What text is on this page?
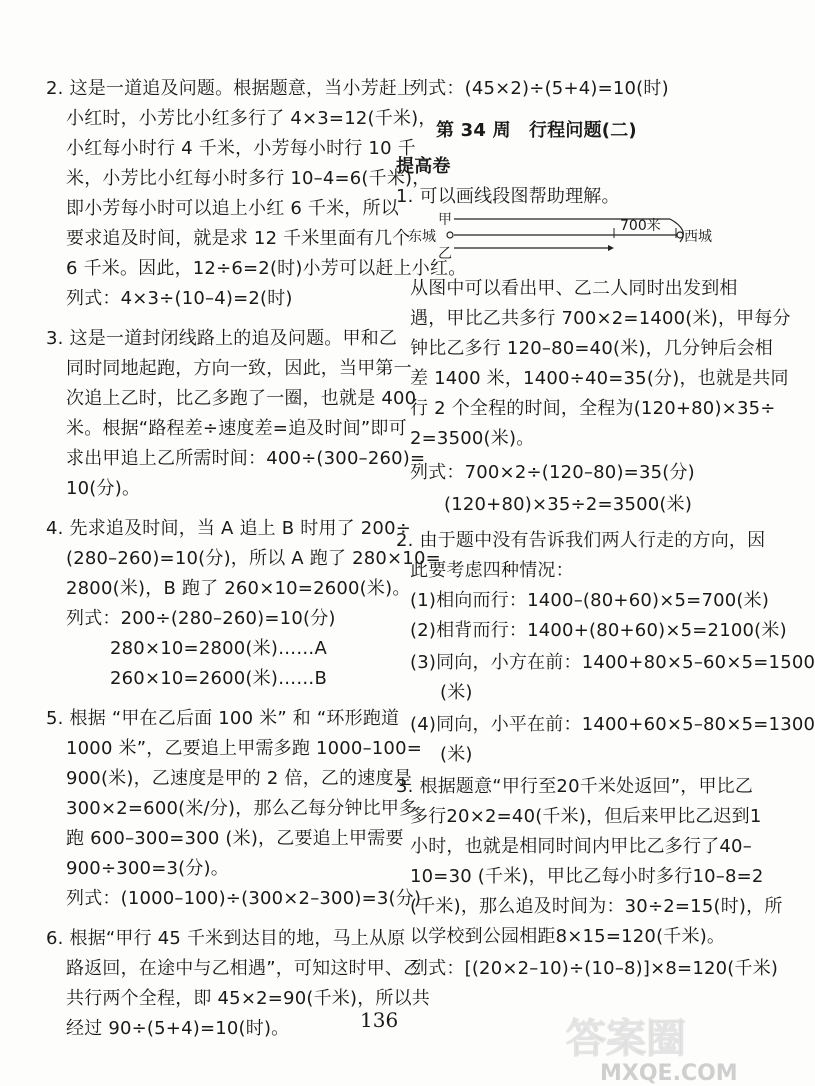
2. 这是一道追及问题。根据题意，当小芳赶上
小红时，小芳比小红多行了 4×3=12(千米)，
小红每小时行 4 千米，小芳每小时行 10 千
米，小芳比小红每小时多行 10–4=6(千米)，
即小芳每小时可以追上小红 6 千米，所以
要求追及时间，就是求 12 千米里面有几个
6 千米。因此，12÷6=2(时)小芳可以赶上小红。
列式：4×3÷(10–4)=2(时)
3. 这是一道封闭线路上的追及问题。甲和乙
同时同地起跑，方向一致，因此，当甲第一
次追上乙时，比乙多跑了一圈，也就是 400
米。根据“路程差÷速度差=追及时间”即可
求出甲追上乙所需时间：400÷(300–260)=
10(分)。
4. 先求追及时间，当 A 追上 B 时用了 200÷
(280–260)=10(分)，所以 A 跑了 280×10=
2800(米)，B 跑了 260×10=2600(米)。
列式：200÷(280–260)=10(分)
280×10=2800(米)……A
260×10=2600(米)……B
5. 根据 “甲在乙后面 100 米” 和 “环形跑道
1000 米”，乙要追上甲需多跑 1000–100=
900(米)，乙速度是甲的 2 倍，乙的速度是
300×2=600(米/分)，那么乙每分钟比甲多
跑 600–300=300 (米)，乙要追上甲需要
900÷300=3(分)。
列式：(1000–100)÷(300×2–300)=3(分)
6. 根据“甲行 45 千米到达目的地，马上从原
路返回，在途中与乙相遇”，可知这时甲、乙
共行两个全程，即 45×2=90(千米)，所以共
经过 90÷(5+4)=10(时)。
列式：(45×2)÷(5+4)=10(时)
第 34 周　行程问题(二)
提高卷
1. 可以画线段图帮助理解。
甲
东城	西城
乙
700米
从图中可以看出甲、乙二人同时出发到相
遇，甲比乙共多行 700×2=1400(米)，甲每分
钟比乙多行 120–80=40(米)，几分钟后会相
差 1400 米，1400÷40=35(分)，也就是共同
行 2 个全程的时间，全程为(120+80)×35÷
2=3500(米)。
列式：700×2÷(120–80)=35(分)
(120+80)×35÷2=3500(米)
2. 由于题中没有告诉我们两人行走的方向，因
此要考虑四种情况：
(1)相向而行：1400–(80+60)×5=700(米)
(2)相背而行：1400+(80+60)×5=2100(米)
(3)同向，小方在前：1400+80×5–60×5=1500
(米)
(4)同向，小平在前：1400+60×5–80×5=1300
(米)
3. 根据题意“甲行至20千米处返回”，甲比乙
多行20×2=40(千米)，但后来甲比乙迟到1
小时，也就是相同时间内甲比乙多行了40–
10=30 (千米)，甲比乙每小时多行10–8=2
(千米)，那么追及时间为：30÷2=15(时)，所
以学校到公园相距8×15=120(千米)。
列式：[(20×2–10)÷(10–8)]×8=120(千米)
136	答案圈
MXQE.COM
